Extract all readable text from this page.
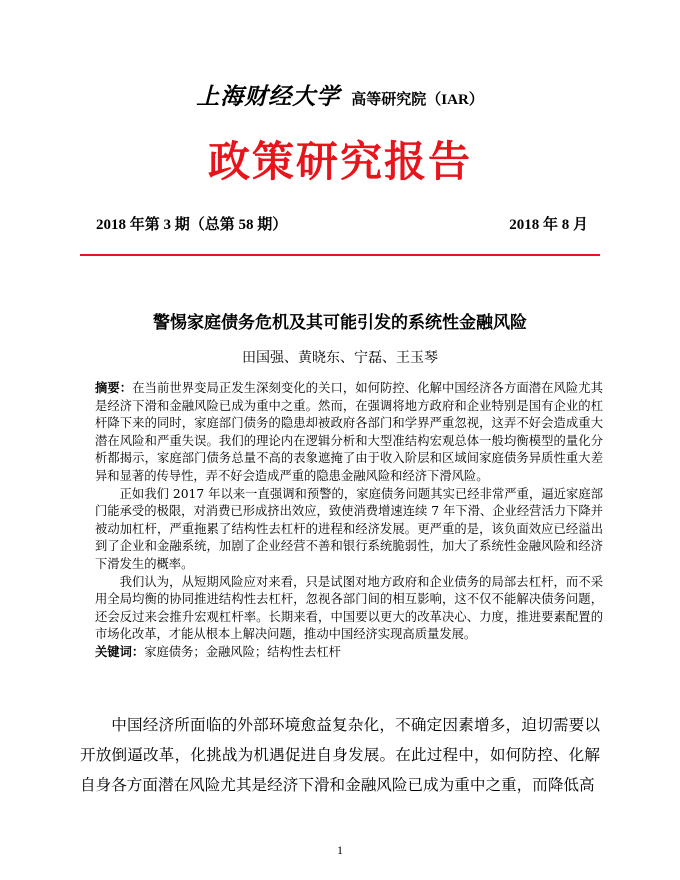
上海财经大学 高等研究院（IAR）
政策研究报告
2018 年第 3 期（总第 58 期）	2018 年 8 月
警惕家庭债务危机及其可能引发的系统性金融风险
田国强、黄晓东、宁磊、王玉琴

摘要：在当前世界变局正发生深刻变化的关口，如何防控、化解中国经济各方面潜在风险尤其是经济下滑和金融风险已成为重中之重。然而，在强调将地方政府和企业特别是国有企业的杠杆降下来的同时，家庭部门债务的隐患却被政府各部门和学界严重忽视，这弄不好会造成重大潜在风险和严重失误。我们的理论内在逻辑分析和大型准结构宏观总体一般均衡模型的量化分析都揭示，家庭部门债务总量不高的表象遮掩了由于收入阶层和区域间家庭债务异质性重大差异和显著的传导性，弄不好会造成严重的隐患金融风险和经济下滑风险。

正如我们 2017 年以来一直强调和预警的，家庭债务问题其实已经非常严重，逼近家庭部门能承受的极限，对消费已形成挤出效应，致使消费增速连续 7 年下滑、企业经营活力下降并被动加杠杆，严重拖累了结构性去杠杆的进程和经济发展。更严重的是，该负面效应已经溢出到了企业和金融系统，加剧了企业经营不善和银行系统脆弱性，加大了系统性金融风险和经济下滑发生的概率。

我们认为，从短期风险应对来看，只是试图对地方政府和企业债务的局部去杠杆，而不采用全局均衡的协同推进结构性去杠杆，忽视各部门间的相互影响，这不仅不能解决债务问题，还会反过来会推升宏观杠杆率。长期来看，中国要以更大的改革决心、力度，推进要素配置的市场化改革，才能从根本上解决问题，推动中国经济实现高质量发展。

关键词：家庭债务；金融风险；结构性去杠杆

中国经济所面临的外部环境愈益复杂化，不确定因素增多，迫切需要以开放倒逼改革，化挑战为机遇促进自身发展。在此过程中，如何防控、化解自身各方面潜在风险尤其是经济下滑和金融风险已成为重中之重，而降低高

1
